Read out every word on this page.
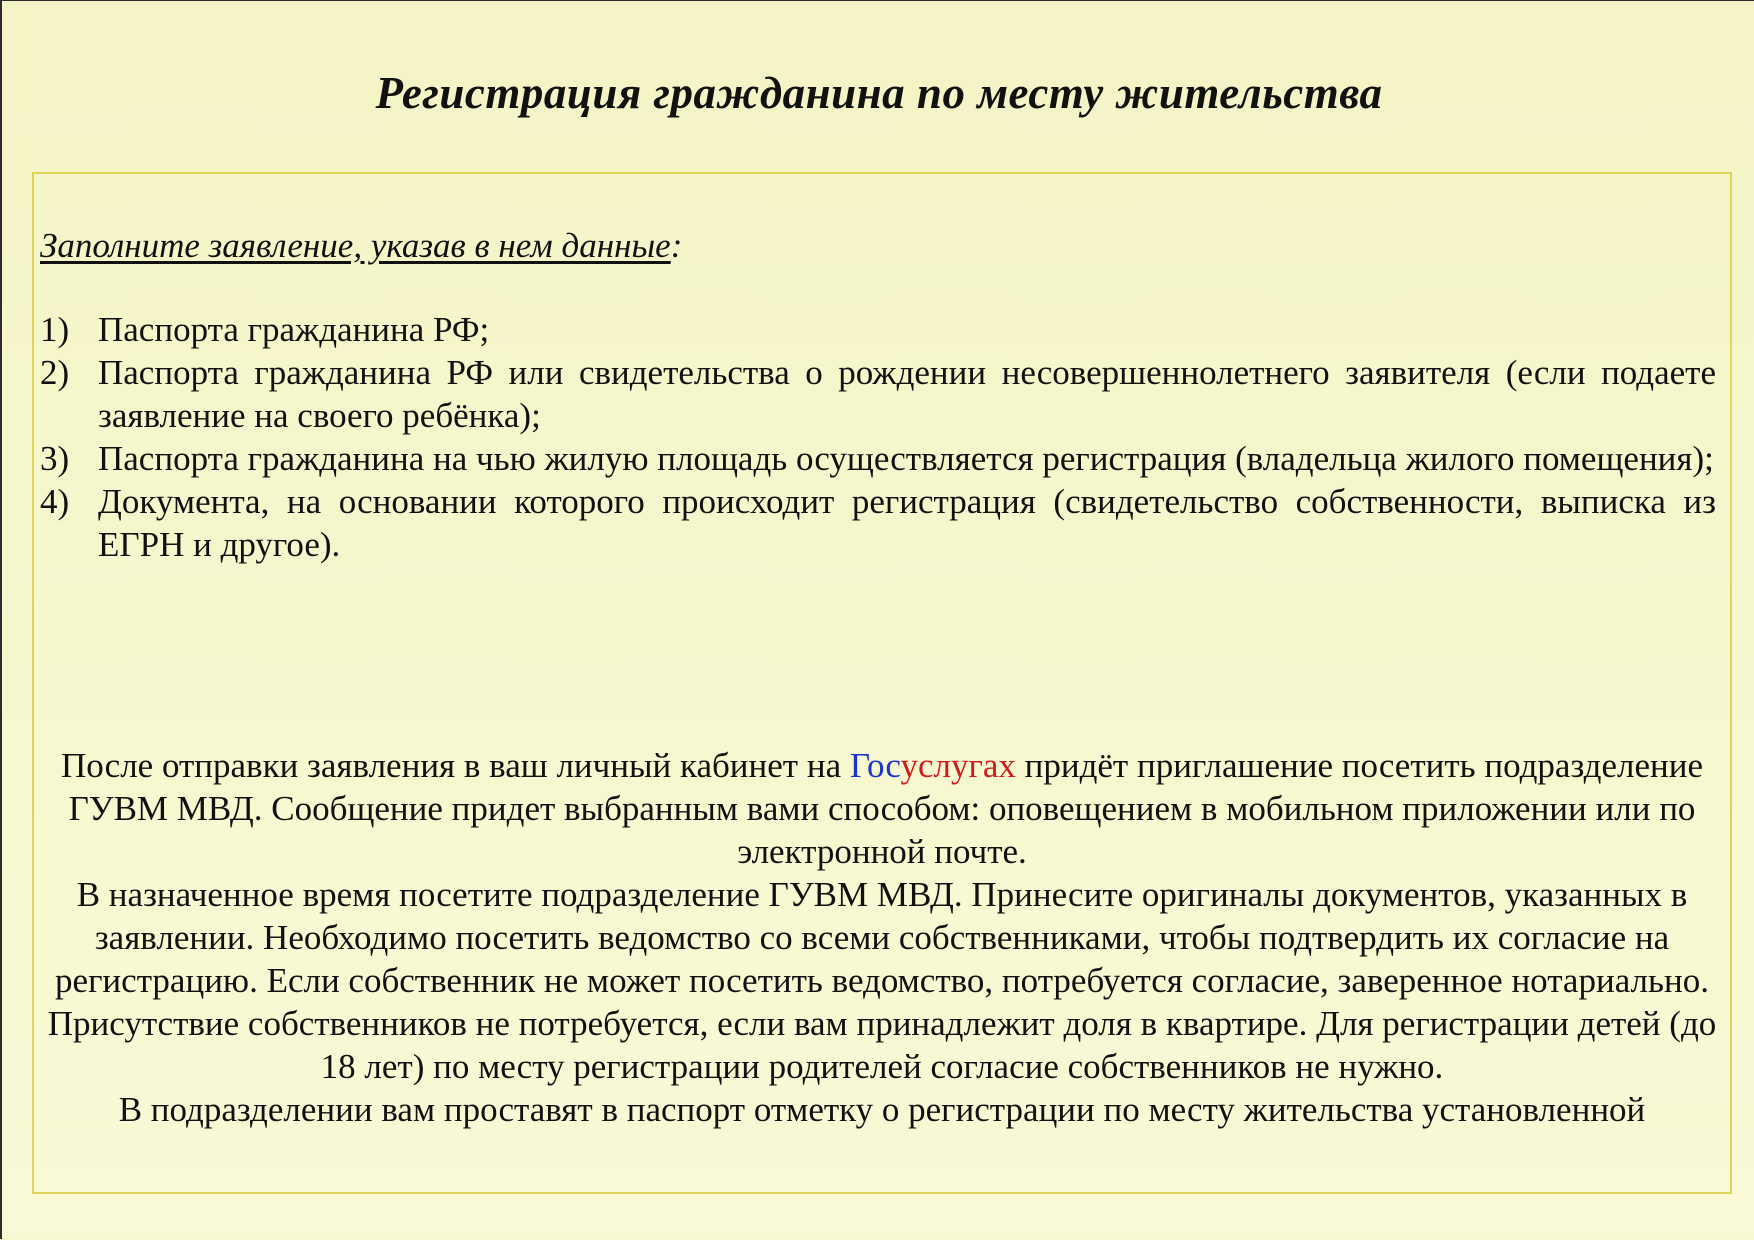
Регистрация гражданина по месту жительства
Заполните заявление, указав в нем данные:
1) Паспорта гражданина РФ;
2) Паспорта гражданина РФ или свидетельства о рождении несовершеннолетнего заявителя (если подаете заявление на своего ребёнка);
3) Паспорта гражданина на чью жилую площадь осуществляется регистрация (владельца жилого помещения);
4) Документа, на основании которого происходит регистрация (свидетельство собственности, выписка из ЕГРН и другое).

После отправки заявления в ваш личный кабинет на Госуслугах придёт приглашение посетить подразделение ГУВМ МВД. Сообщение придет выбранным вами способом: оповещением в мобильном приложении или по электронной почте.

В назначенное время посетите подразделение ГУВМ МВД. Принесите оригиналы документов, указанных в заявлении. Необходимо посетить ведомство со всеми собственниками, чтобы подтвердить их согласие на регистрацию. Если собственник не может посетить ведомство, потребуется согласие, заверенное нотариально. Присутствие собственников не потребуется, если вам принадлежит доля в квартире. Для регистрации детей (до 18 лет) по месту регистрации родителей согласие собственников не нужно.

В подразделении вам проставят в паспорт отметку о регистрации по месту жительства установленной
